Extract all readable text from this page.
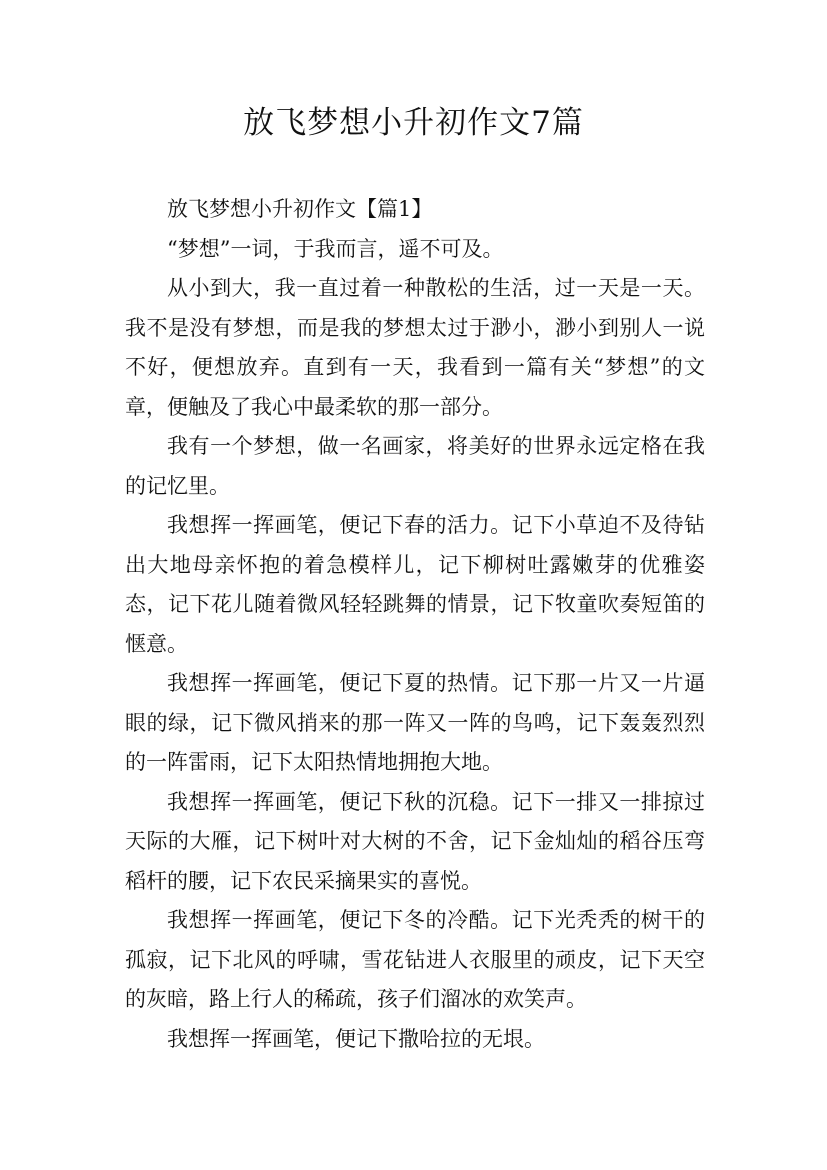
放飞梦想小升初作文7篇

放飞梦想小升初作文【篇1】

“梦想”一词，于我而言，遥不可及。

从小到大，我一直过着一种散松的生活，过一天是一天。我不是没有梦想，而是我的梦想太过于渺小，渺小到别人一说不好，便想放弃。直到有一天，我看到一篇有关“梦想”的文章，便触及了我心中最柔软的那一部分。

我有一个梦想，做一名画家，将美好的世界永远定格在我的记忆里。

我想挥一挥画笔，便记下春的活力。记下小草迫不及待钻出大地母亲怀抱的着急模样儿，记下柳树吐露嫩芽的优雅姿态，记下花儿随着微风轻轻跳舞的情景，记下牧童吹奏短笛的惬意。

我想挥一挥画笔，便记下夏的热情。记下那一片又一片逼眼的绿，记下微风捎来的那一阵又一阵的鸟鸣，记下轰轰烈烈的一阵雷雨，记下太阳热情地拥抱大地。

我想挥一挥画笔，便记下秋的沉稳。记下一排又一排掠过天际的大雁，记下树叶对大树的不舍，记下金灿灿的稻谷压弯稻杆的腰，记下农民采摘果实的喜悦。

我想挥一挥画笔，便记下冬的冷酷。记下光秃秃的树干的孤寂，记下北风的呼啸，雪花钻进人衣服里的顽皮，记下天空的灰暗，路上行人的稀疏，孩子们溜冰的欢笑声。

我想挥一挥画笔，便记下撒哈拉的无垠。
